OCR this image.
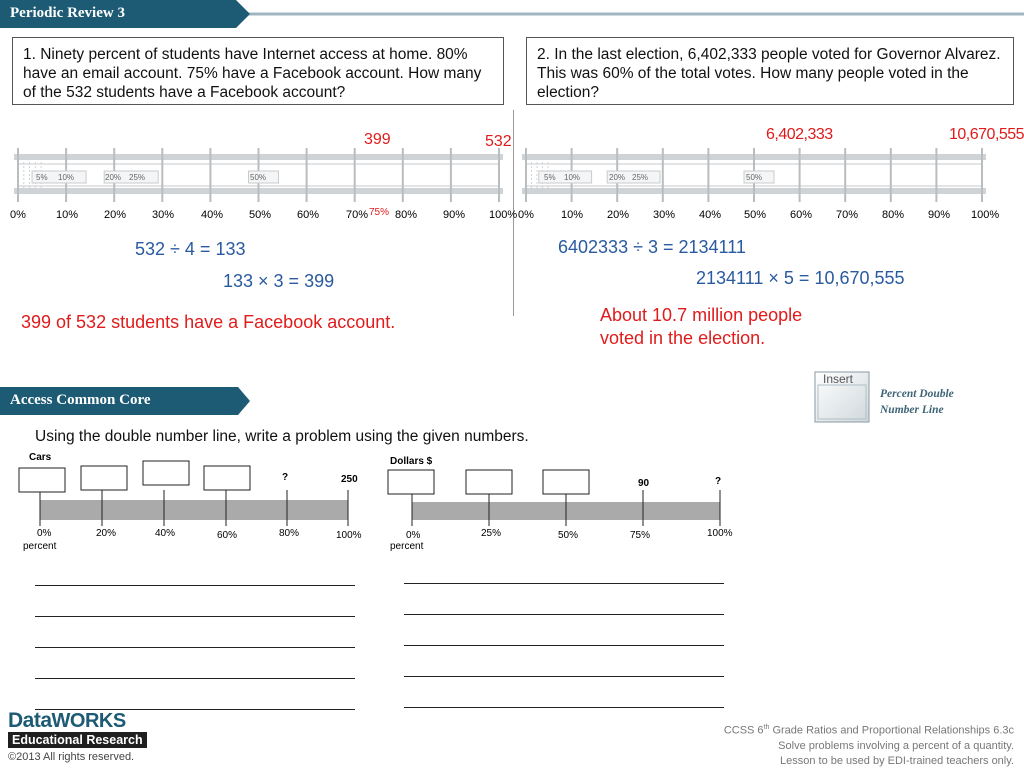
Periodic Review 3
1. Ninety percent of students have Internet access at home. 80% have an email account. 75% have a Facebook account. How many of the 532 students have a Facebook account?
2. In the last election, 6,402,333 people voted for Governor Alvarez. This was 60% of the total votes. How many people voted in the election?
399	532	6,402,333	10,670,555
5% 10%	20% 25%	50%
0%	10% 20% 30% 40% 50% 60% 70% 75% 80% 90% 100%
5% 10%	20% 25%	50%
0% 10% 20% 30% 40% 50% 60% 70% 80% 90% 100%
532 ÷ 4 = 133
133 × 3 = 399
399 of 532 students have a Facebook account.
6402333 ÷ 3 = 2134111
2134111 × 5 = 10,670,555
About 10.7 million people
voted in the election.
Access Common Core
Insert
Percent Double
Number Line
Using the double number line, write a problem using the given numbers.
Cars
?	250
0%	20%	40%	60%	80%	100%
percent
Dollars $
90	?
0%	25%	50%	75%	100%
percent
DataWORKS
Educational Research
©2013 All rights reserved.
CCSS 6th Grade Ratios and Proportional Relationships 6.3c
Solve problems involving a percent of a quantity.
Lesson to be used by EDI-trained teachers only.
